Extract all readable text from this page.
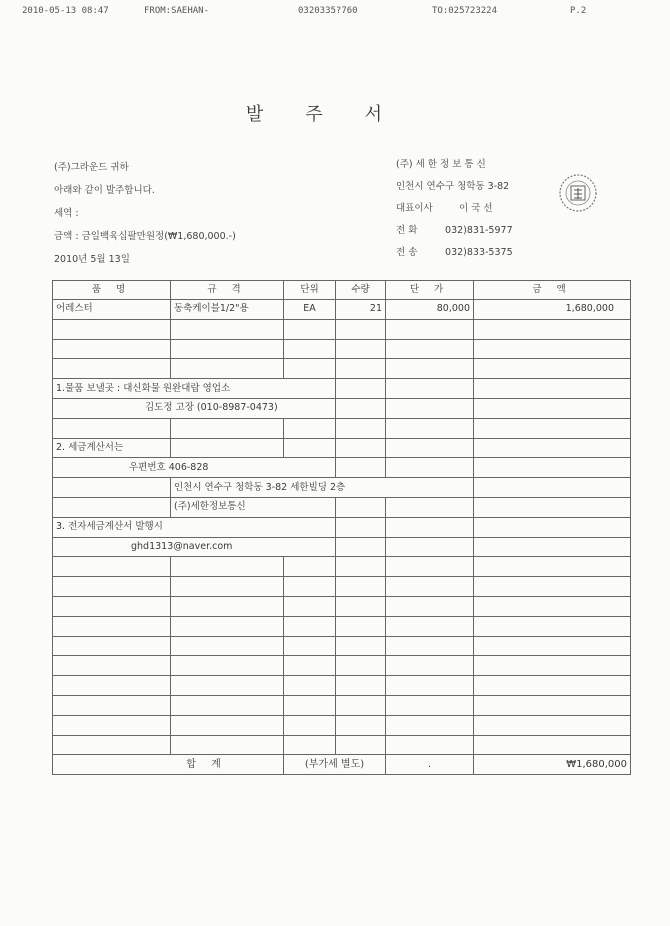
2010-05-13 08:47	FROM:SAEHAN-	0320335?760	TO:025723224	P.2
발주서
(주)그라운드 귀하
아래와 같이 발주합니다.
세역 :
금액 : 금일백육십팔만원정(₩1,680,000.-)
2010년 5월 13일
(주) 세 한 정 보 통 신
인천시 연수구 청학동 3-82
대표이사	이 국 선
전 화	032)831-5977
전 송	032)833-5375
품 명	규 격	단위	수량	단 가	금 액
어레스터	동축케이블1/2"용	EA	21	80,000	1,680,000

1.물품 보낼곳 : 대신화물 원완대랍 영업소					
김도정 고장 (010-8987-0473)					

2. 세금계산서는					
우편번호 406-828					
	인천시 연수구 청학동 3-82 세한빌딩 2층				
	(주)세한정보통신				
3. 전자세금계산서 발행시					
ghd1313@naver.com					

합 계		(부가세 별도)		.	₩1,680,000
